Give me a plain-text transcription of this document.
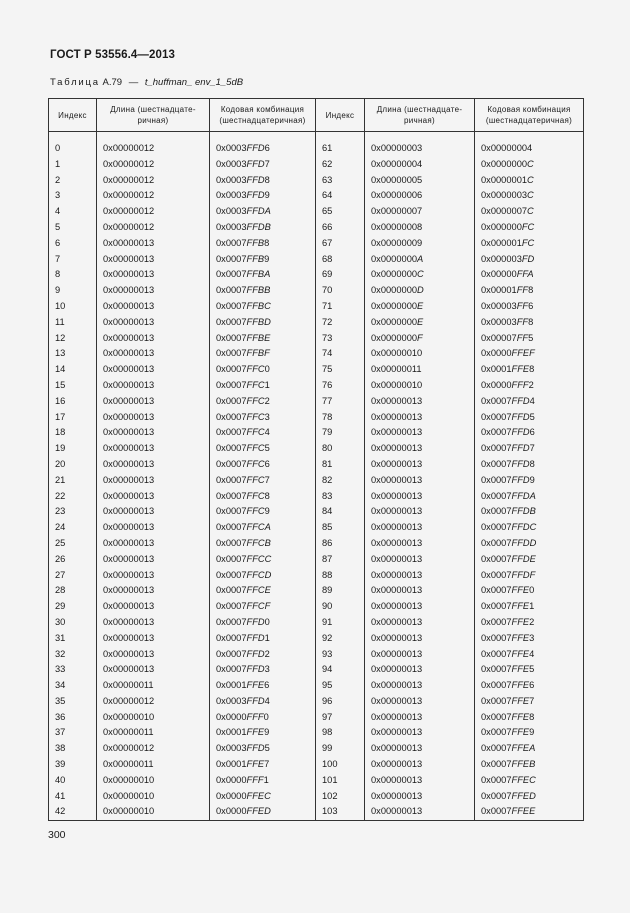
ГОСТ Р 53556.4—2013
Таблица А.79 — t_huffman_ env_1_5dB
Индекс	Длина (шестнадцате-ричная)	Кодовая комбинация (шестнадцатеричная)	Индекс	Длина (шестнадцате-ричная)	Кодовая комбинация (шестнадцатеричная)

0	0x00000012	0x0003FFD6	61	0x00000003	0x00000004
1	0x00000012	0x0003FFD7	62	0x00000004	0x0000000C
2	0x00000012	0x0003FFD8	63	0x00000005	0x0000001C
3	0x00000012	0x0003FFD9	64	0x00000006	0x0000003C
4	0x00000012	0x0003FFDA	65	0x00000007	0x0000007C
5	0x00000012	0x0003FFDB	66	0x00000008	0x000000FC
6	0x00000013	0x0007FFB8	67	0x00000009	0x000001FC
7	0x00000013	0x0007FFB9	68	0x0000000A	0x000003FD
8	0x00000013	0x0007FFBA	69	0x0000000C	0x00000FFA
9	0x00000013	0x0007FFBB	70	0x0000000D	0x00001FF8
10	0x00000013	0x0007FFBC	71	0x0000000E	0x00003FF6
11	0x00000013	0x0007FFBD	72	0x0000000E	0x00003FF8
12	0x00000013	0x0007FFBE	73	0x0000000F	0x00007FF5
13	0x00000013	0x0007FFBF	74	0x00000010	0x0000FFEF
14	0x00000013	0x0007FFC0	75	0x00000011	0x0001FFE8
15	0x00000013	0x0007FFC1	76	0x00000010	0x0000FFF2
16	0x00000013	0x0007FFC2	77	0x00000013	0x0007FFD4
17	0x00000013	0x0007FFC3	78	0x00000013	0x0007FFD5
18	0x00000013	0x0007FFC4	79	0x00000013	0x0007FFD6
19	0x00000013	0x0007FFC5	80	0x00000013	0x0007FFD7
20	0x00000013	0x0007FFC6	81	0x00000013	0x0007FFD8
21	0x00000013	0x0007FFC7	82	0x00000013	0x0007FFD9
22	0x00000013	0x0007FFC8	83	0x00000013	0x0007FFDA
23	0x00000013	0x0007FFC9	84	0x00000013	0x0007FFDB
24	0x00000013	0x0007FFCA	85	0x00000013	0x0007FFDC
25	0x00000013	0x0007FFCB	86	0x00000013	0x0007FFDD
26	0x00000013	0x0007FFCC	87	0x00000013	0x0007FFDE
27	0x00000013	0x0007FFCD	88	0x00000013	0x0007FFDF
28	0x00000013	0x0007FFCE	89	0x00000013	0x0007FFE0
29	0x00000013	0x0007FFCF	90	0x00000013	0x0007FFE1
30	0x00000013	0x0007FFD0	91	0x00000013	0x0007FFE2
31	0x00000013	0x0007FFD1	92	0x00000013	0x0007FFE3
32	0x00000013	0x0007FFD2	93	0x00000013	0x0007FFE4
33	0x00000013	0x0007FFD3	94	0x00000013	0x0007FFE5
34	0x00000011	0x0001FFE6	95	0x00000013	0x0007FFE6
35	0x00000012	0x0003FFD4	96	0x00000013	0x0007FFE7
36	0x00000010	0x0000FFF0	97	0x00000013	0x0007FFE8
37	0x00000011	0x0001FFE9	98	0x00000013	0x0007FFE9
38	0x00000012	0x0003FFD5	99	0x00000013	0x0007FFEA
39	0x00000011	0x0001FFE7	100	0x00000013	0x0007FFEB
40	0x00000010	0x0000FFF1	101	0x00000013	0x0007FFEC
41	0x00000010	0x0000FFEC	102	0x00000013	0x0007FFED
42	0x00000010	0x0000FFED	103	0x00000013	0x0007FFEE
300
